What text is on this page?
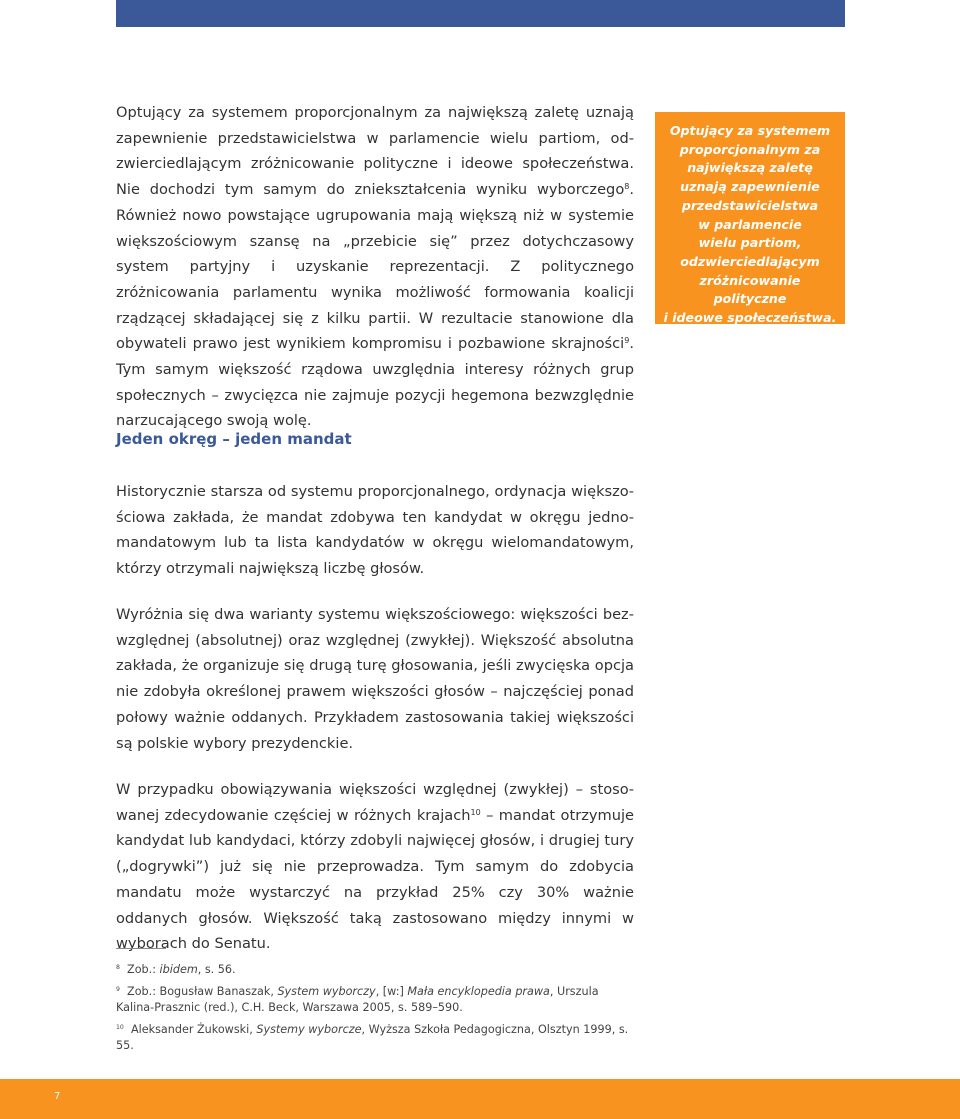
Optujący za systemem proporcjonalnym za największą zaletę uznają zapewnienie przedstawicielstwa w parlamencie wielu partiom, odzwierciedlającym zróżnicowanie polityczne i ideowe społeczeństwa. Nie dochodzi tym samym do zniekształcenia wyniku wyborczego$^8$. Również nowo powstające ugrupowania mają większą niż w systemie większościowym szansę na „przebicie się” przez dotychczasowy system partyjny i uzyskanie reprezentacji. Z politycznego zróżnicowania parlamentu wynika możliwość formowania koalicji rządzącej składającej się z kilku partii. W rezultacie stanowione dla obywateli prawo jest wynikiem kompromisu i pozbawione skrajności$^9$. Tym samym większość rządowa uwzględnia interesy różnych grup społecznych – zwycięzca nie zajmuje pozycji hegemona bezwzględnie narzucającego swoją wolę.

Jeden okręg – jeden mandat

Historycznie starsza od systemu proporcjonalnego, ordynacja większościowa zakłada, że mandat zdobywa ten kandydat w okręgu jednomandatowym lub ta lista kandydatów w okręgu wielomandatowym, którzy otrzymali największą liczbę głosów.

Wyróżnia się dwa warianty systemu większościowego: większości bezwzględnej (absolutnej) oraz względnej (zwykłej). Większość absolutna zakłada, że organizuje się drugą turę głosowania, jeśli zwycięska opcja nie zdobyła określonej prawem większości głosów – najczęściej ponad połowy ważnie oddanych. Przykładem zastosowania takiej większości są polskie wybory prezydenckie.

W przypadku obowiązywania większości względnej (zwykłej) – stosowanej zdecydowanie częściej w różnych krajach$^{10}$ – mandat otrzymuje kandydat lub kandydaci, którzy zdobyli najwięcej głosów, i drugiej tury („dogrywki”) już się nie przeprowadza. Tym samym do zdobycia mandatu może wystarczyć na przykład 25% czy 30% ważnie oddanych głosów. Większość taką zastosowano między innymi w wyborach do Senatu.

Optujący za systemem
proporcjonalnym za
największą zaletę
uznają zapewnienie
przedstawicielstwa
w parlamencie
wielu partiom,
odzwierciedlającym
zróżnicowanie polityczne
i ideowe społeczeństwa.

$^8$  Zob.: ibidem, s. 56.

$^9$  Zob.: Bogusław Banaszak, System wyborczy, [w:] Mała encyklopedia prawa, Urszula Kalina-Prasznic (red.), C.H. Beck, Warszawa 2005, s. 589–590.

$^{10}$  Aleksander Żukowski, Systemy wyborcze, Wyższa Szkoła Pedagogiczna, Olsztyn 1999, s. 55.

7
